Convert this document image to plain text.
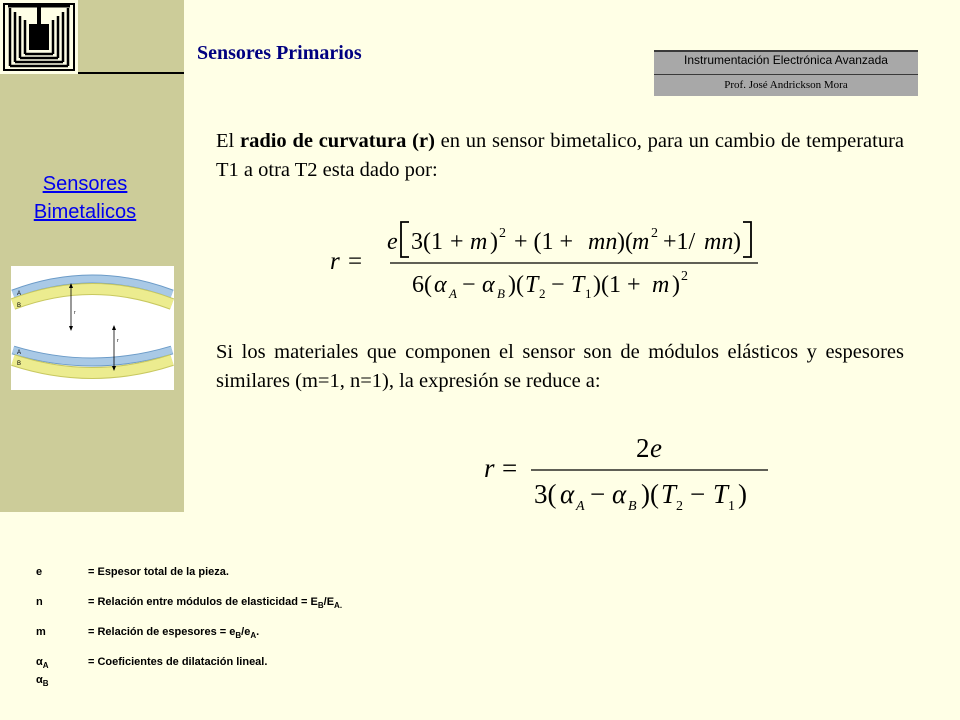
Sensores Primarios	Instrumentación Electrónica Avanzada
Prof. José Andrickson Mora
Sensores
Bimetalicos
A
B
r
A
B
r
El radio de curvatura (r) en un sensor bimetalico, para un cambio de temperatura T1 a otra T2 esta dado por:
r =
e 3(1 + m ) 2 + (1 + mn )( m 2 +1/ mn )
6( α A − α B )( T 2 − T 1 )(1 + m ) 2
Si los materiales que componen el sensor son de módulos elásticos y espesores similares (m=1, n=1), la expresión se reduce a:
r =
2 e
3( α A − α B )( T 2 − T 1 )
e	= Espesor total de la pieza.
n	= Relación entre módulos de elasticidad = $E_B/E_{A.}$
m	= Relación de espesores = $e_B/e_A$.
$\alpha_A$	= Coeficientes de dilatación lineal.
$\alpha_B$
